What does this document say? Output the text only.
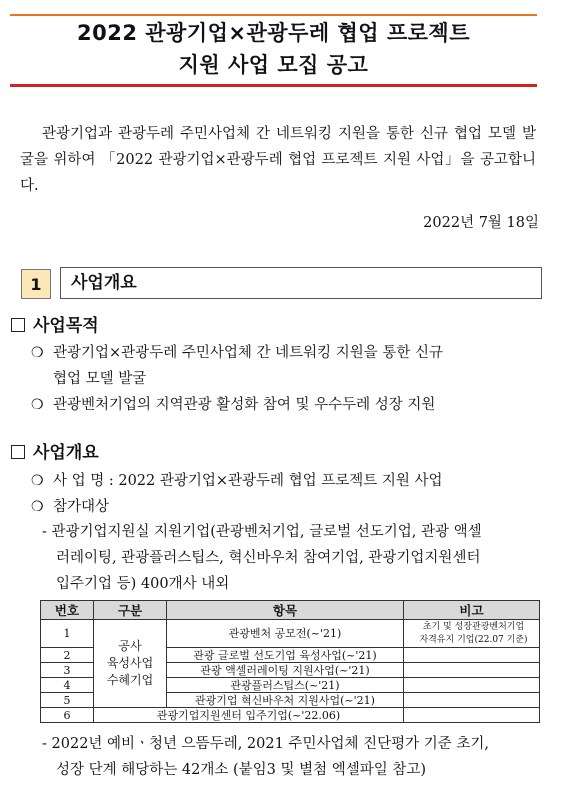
2022 관광기업×관광두레 협업 프로젝트
지원 사업 모집 공고
관광기업과 관광두레 주민사업체 간 네트워킹 지원을 통한 신규 협업 모델 발굴을 위하여 「2022 관광기업×관광두레 협업 프로젝트 지원 사업」을 공고합니다.
2022년 7월 18일
1	사업개요
사업목적
❍ 관광기업×관광두레 주민사업체 간 네트워킹 지원을 통한 신규
협업 모델 발굴
❍ 관광벤처기업의 지역관광 활성화 참여 및 우수두레 성장 지원
사업개요
❍ 사 업 명 : 2022 관광기업×관광두레 협업 프로젝트 지원 사업
❍ 참가대상
- 관광기업지원실 지원기업(관광벤처기업, 글로벌 선도기업, 관광 액셀
러레이팅, 관광플러스팁스, 혁신바우처 참여기업, 관광기업지원센터
입주기업 등) 400개사 내외
번호	구분	항목	비고
1	공사
육성사업
수혜기업	관광벤처 공모전(~'21)	초기 및 성장관광벤처기업
자격유지 기업(22.07 기준)
2		관광 글로벌 선도기업 육성사업(~'21)	
3		관광 액셀러레이팅 지원사업(~'21)	
4		관광플러스팁스(~'21)	
5		관광기업 혁신바우처 지원사업(~'21)	
6	관광기업지원센터 입주기업(~'22.06)		
- 2022년 예비ㆍ청년 으뜸두레, 2021 주민사업체 진단평가 기준 초기,
성장 단계 해당하는 42개소 (붙임3 및 별첨 엑셀파일 참고)
